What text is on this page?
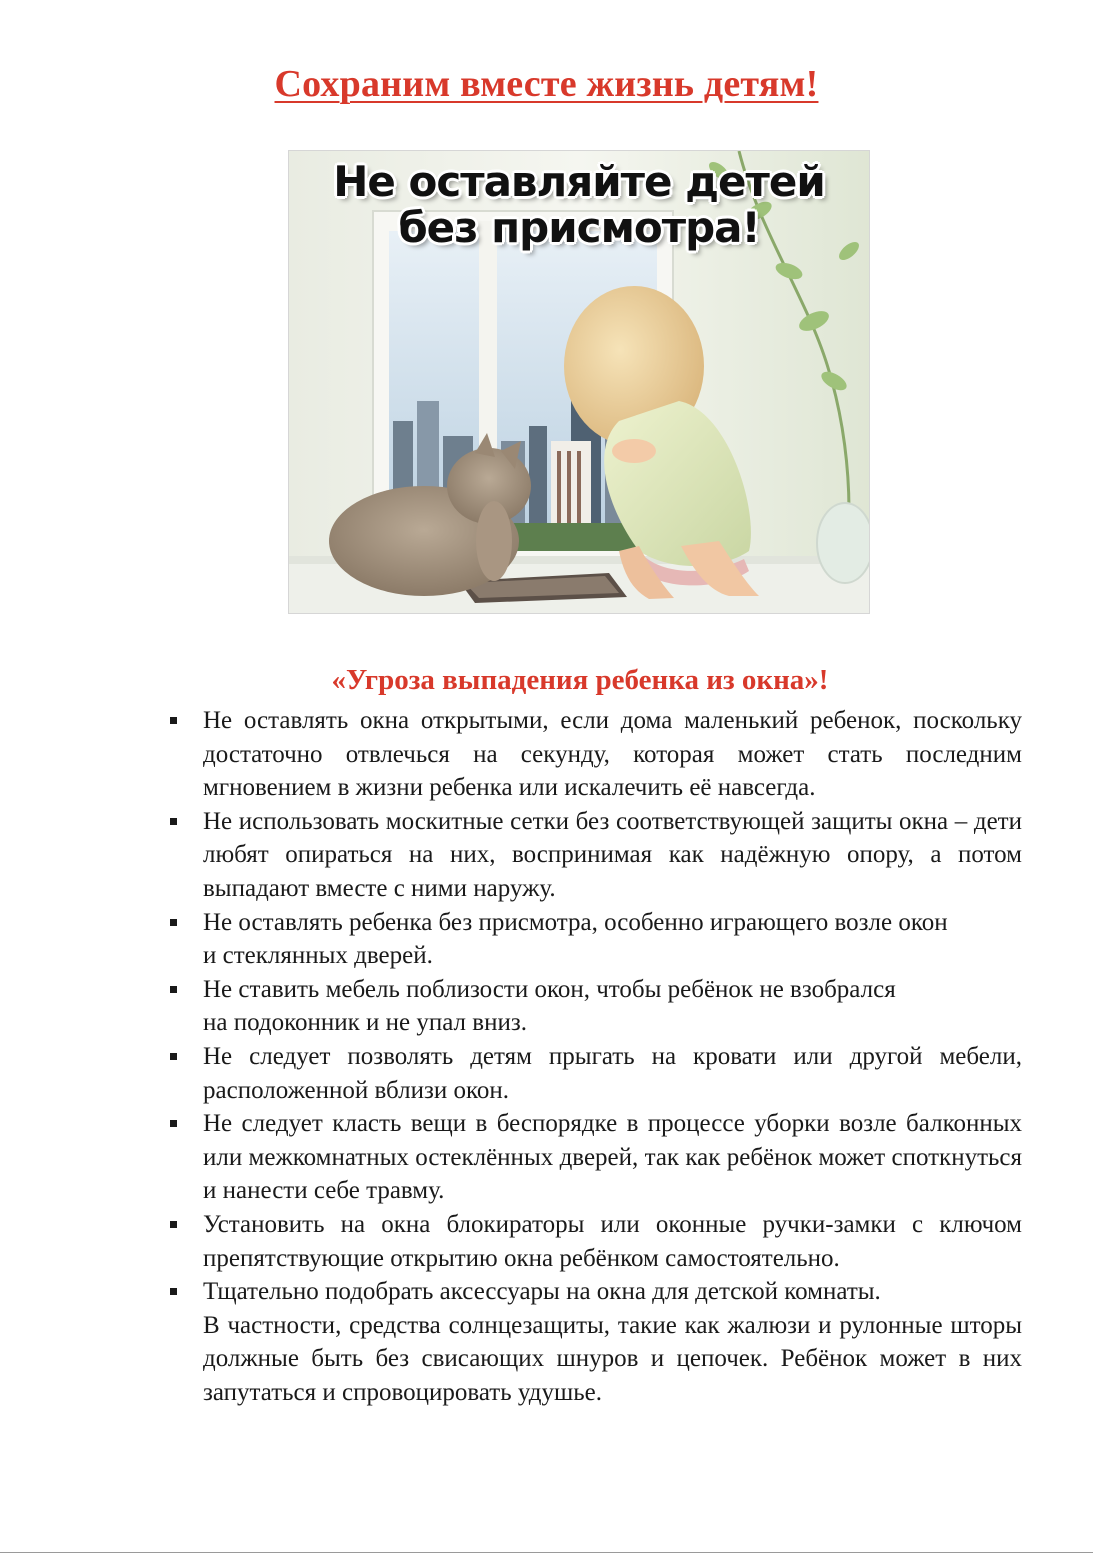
Сохраним вместе жизнь детям!
Не оставляйте детей
без присмотра!
«Угроза выпадения ребенка из окна»!
Не оставлять окна открытыми, если дома маленький ребенок, поскольку достаточно отвлечься на секунду, которая может стать последним мгновением в жизни ребенка или искалечить её навсегда.
Не использовать москитные сетки без соответствующей защиты окна – дети любят опираться на них, воспринимая как надёжную опору, а потом выпадают вместе с ними наружу.
Не оставлять ребенка без присмотра, особенно играющего возле окон
и стеклянных дверей.
Не ставить мебель поблизости окон, чтобы ребёнок не взобрался
на подоконник и не упал вниз.
Не следует позволять детям прыгать на кровати или другой мебели, расположенной вблизи окон.
Не следует класть вещи в беспорядке в процессе уборки возле балконных или межкомнатных остеклённых дверей, так как ребёнок может споткнуться и нанести себе травму.
Установить на окна блокираторы или оконные ручки-замки с ключом препятствующие открытию окна ребёнком самостоятельно.
Тщательно подобрать аксессуары на окна для детской комнаты.
В частности, средства солнцезащиты, такие как жалюзи и рулонные шторы должные быть без свисающих шнуров и цепочек. Ребёнок может в них запутаться и спровоцировать удушье.
